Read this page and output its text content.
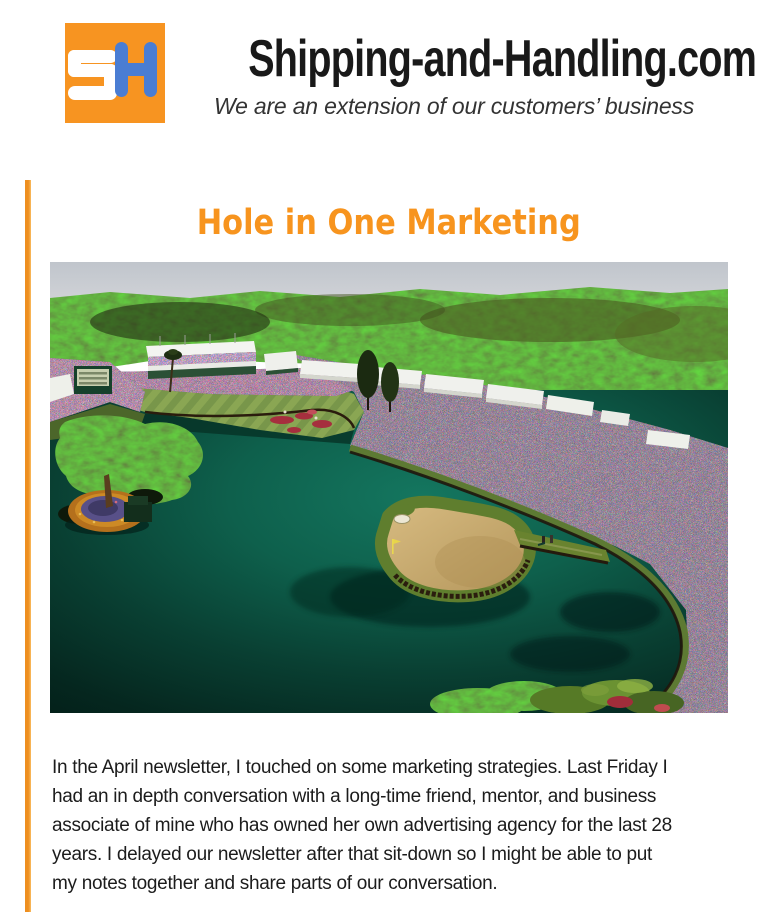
Shipping-and-Handling.com
We are an extension of our customers’ business
Hole in One Marketing
In the April newsletter, I touched on some marketing strategies. Last Friday I
had an in depth conversation with a long-time friend, mentor, and business
associate of mine who has owned her own advertising agency for the last 28
years. I delayed our newsletter after that sit-down so I might be able to put
my notes together and share parts of our conversation.
